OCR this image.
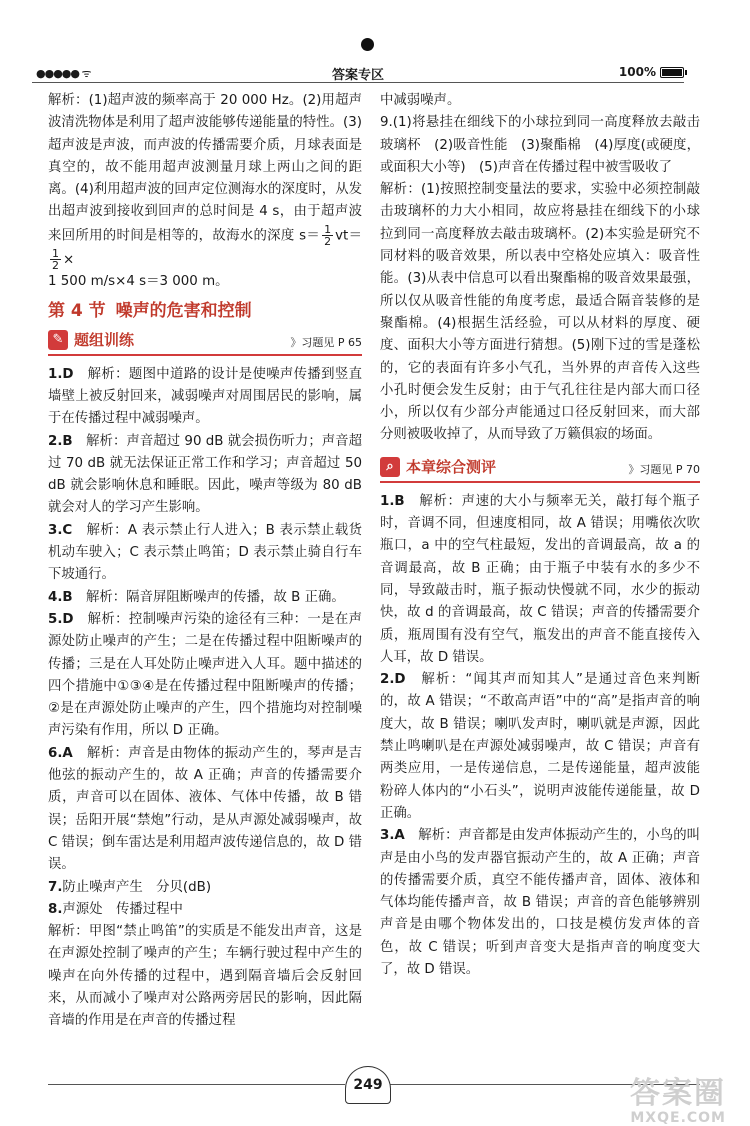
●●●●● ᯤ	答案专区	100%

解析：(1)超声波的频率高于 20 000 Hz。(2)用超声波清洗物体是利用了超声波能够传递能量的特性。(3)超声波是声波，而声波的传播需要介质，月球表面是真空的，故不能用超声波测量月球上两山之间的距离。(4)利用超声波的回声定位测海水的深度时，从发出超声波到接收到回声的总时间是 4 s，由于超声波来回所用的时间是相等的，故海水的深度 $s= \frac{1}{2} vt=$
$\frac{1}{2}$ ×

1 500 m/s×4 s＝3 000 m。

第 4 节 噪声的危害和控制

✎ 题组训练	》习题见 P 65

1.D　 解析：题图中道路的设计是使噪声传播到竖直墙壁上被反射回来，减弱噪声对周围居民的影响，属于在传播过程中减弱噪声。

2.B　 解析：声音超过 90 dB 就会损伤听力；声音超过 70 dB 就无法保证正常工作和学习；声音超过 50 dB 就会影响休息和睡眠。因此，噪声等级为 80 dB 就会对人的学习产生影响。

3.C　 解析：A 表示禁止行人进入；B 表示禁止载货机动车驶入；C 表示禁止鸣笛；D 表示禁止骑自行车下坡通行。

4.B　 解析：隔音屏阻断噪声的传播，故 B 正确。

5.D　 解析：控制噪声污染的途径有三种：一是在声源处防止噪声的产生；二是在传播过程中阻断噪声的传播；三是在人耳处防止噪声进入人耳。题中描述的四个措施中①③④是在传播过程中阻断噪声的传播；②是在声源处防止噪声的产生，四个措施均对控制噪声污染有作用，所以 D 正确。

6.A　 解析：声音是由物体的振动产生的，琴声是吉他弦的振动产生的，故 A 正确；声音的传播需要介质，声音可以在固体、液体、气体中传播，故 B 错误；岳阳开展“禁炮”行动，是从声源处减弱噪声，故 C 错误；倒车雷达是利用超声波传递信息的，故 D 错误。

7.防止噪声产生　分贝(dB)

8.声源处　传播过程中

解析：甲图“禁止鸣笛”的实质是不能发出声音，这是在声源处控制了噪声的产生；车辆行驶过程中产生的噪声在向外传播的过程中，遇到隔音墙后会反射回来，从而减小了噪声对公路两旁居民的影响，因此隔音墙的作用是在声音的传播过程

中减弱噪声。

9.(1)将悬挂在细线下的小球拉到同一高度释放去敲击玻璃杯　(2)吸音性能　(3)聚酯棉　(4)厚度(或硬度，或面积大小等)　(5)声音在传播过程中被雪吸收了

解析：(1)按照控制变量法的要求，实验中必须控制敲击玻璃杯的力大小相同，故应将悬挂在细线下的小球拉到同一高度释放去敲击玻璃杯。(2)本实验是研究不同材料的吸音效果，所以表中空格处应填入：吸音性能。(3)从表中信息可以看出聚酯棉的吸音效果最强，所以仅从吸音性能的角度考虑，最适合隔音装修的是聚酯棉。(4)根据生活经验，可以从材料的厚度、硬度、面积大小等方面进行猜想。(5)刚下过的雪是蓬松的，它的表面有许多小气孔，当外界的声音传入这些小孔时便会发生反射；由于气孔往往是内部大而口径小，所以仅有少部分声能通过口径反射回来，而大部分则被吸收掉了，从而导致了万籁俱寂的场面。

⌕ 本章综合测评	》习题见 P 70

1.B　 解析：声速的大小与频率无关，敲打每个瓶子时，音调不同，但速度相同，故 A 错误；用嘴依次吹瓶口，a 中的空气柱最短，发出的音调最高，故 a 的音调最高，故 B 正确；由于瓶子中装有水的多少不同，导致敲击时，瓶子振动快慢就不同，水少的振动快，故 d 的音调最高，故 C 错误；声音的传播需要介质，瓶周围有没有空气，瓶发出的声音不能直接传入人耳，故 D 错误。

2.D　 解析：“闻其声而知其人”是通过音色来判断的，故 A 错误；“不敢高声语”中的“高”是指声音的响度大，故 B 错误；喇叭发声时，喇叭就是声源，因此禁止鸣喇叭是在声源处减弱噪声，故 C 错误；声音有两类应用，一是传递信息，二是传递能量，超声波能粉碎人体内的“小石头”，说明声波能传递能量，故 D 正确。

3.A　 解析：声音都是由发声体振动产生的，小鸟的叫声是由小鸟的发声器官振动产生的，故 A 正确；声音的传播需要介质，真空不能传播声音，固体、液体和气体均能传播声音，故 B 错误；声音的音色能够辨别声音是由哪个物体发出的，口技是模仿发声体的音色，故 C 错误；听到声音变大是指声音的响度变大了，故 D 错误。

249	答案圈
MXQE.COM
